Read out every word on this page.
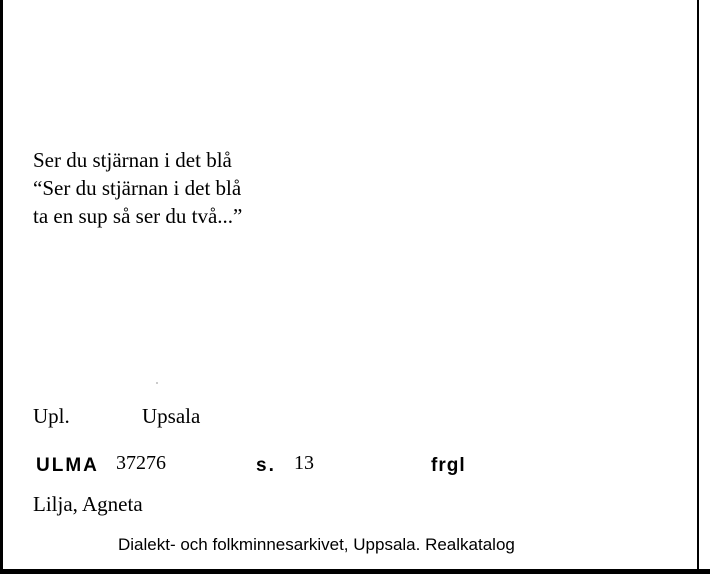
Ser du stjärnan i det blå
“Ser du stjärnan i det blå
ta en sup så ser du två...”
Upl.	Upsala
ULMA 37276	s. 13	frgl
Lilja, Agneta
Dialekt- och folkminnesarkivet, Uppsala. Realkatalog
